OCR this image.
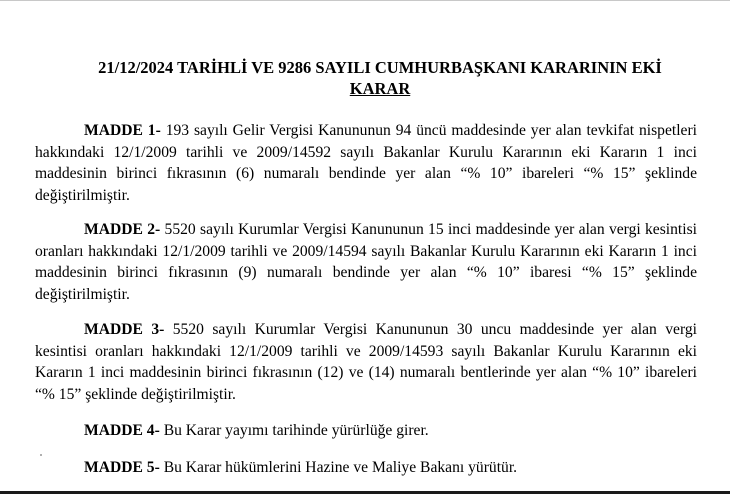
21/12/2024 TARİHLİ VE 9286 SAYILI CUMHURBAŞKANI KARARININ EKİ
KARAR
MADDE 1- 193 sayılı Gelir Vergisi Kanununun 94 üncü maddesinde yer alan tevkifat nispetleri hakkındaki 12/1/2009 tarihli ve 2009/14592 sayılı Bakanlar Kurulu Kararının eki Kararın 1 inci maddesinin birinci fıkrasının (6) numaralı bendinde yer alan “% 10” ibareleri “% 15” şeklinde değiştirilmiştir.
MADDE 2- 5520 sayılı Kurumlar Vergisi Kanununun 15 inci maddesinde yer alan vergi kesintisi oranları hakkındaki 12/1/2009 tarihli ve 2009/14594 sayılı Bakanlar Kurulu Kararının eki Kararın 1 inci maddesinin birinci fıkrasının (9) numaralı bendinde yer alan “% 10” ibaresi “% 15” şeklinde değiştirilmiştir.
MADDE 3- 5520 sayılı Kurumlar Vergisi Kanununun 30 uncu maddesinde yer alan vergi kesintisi oranları hakkındaki 12/1/2009 tarihli ve 2009/14593 sayılı Bakanlar Kurulu Kararının eki Kararın 1 inci maddesinin birinci fıkrasının (12) ve (14) numaralı bentlerinde yer alan “% 10” ibareleri “% 15” şeklinde değiştirilmiştir.
MADDE 4- Bu Karar yayımı tarihinde yürürlüğe girer.
MADDE 5- Bu Karar hükümlerini Hazine ve Maliye Bakanı yürütür.
